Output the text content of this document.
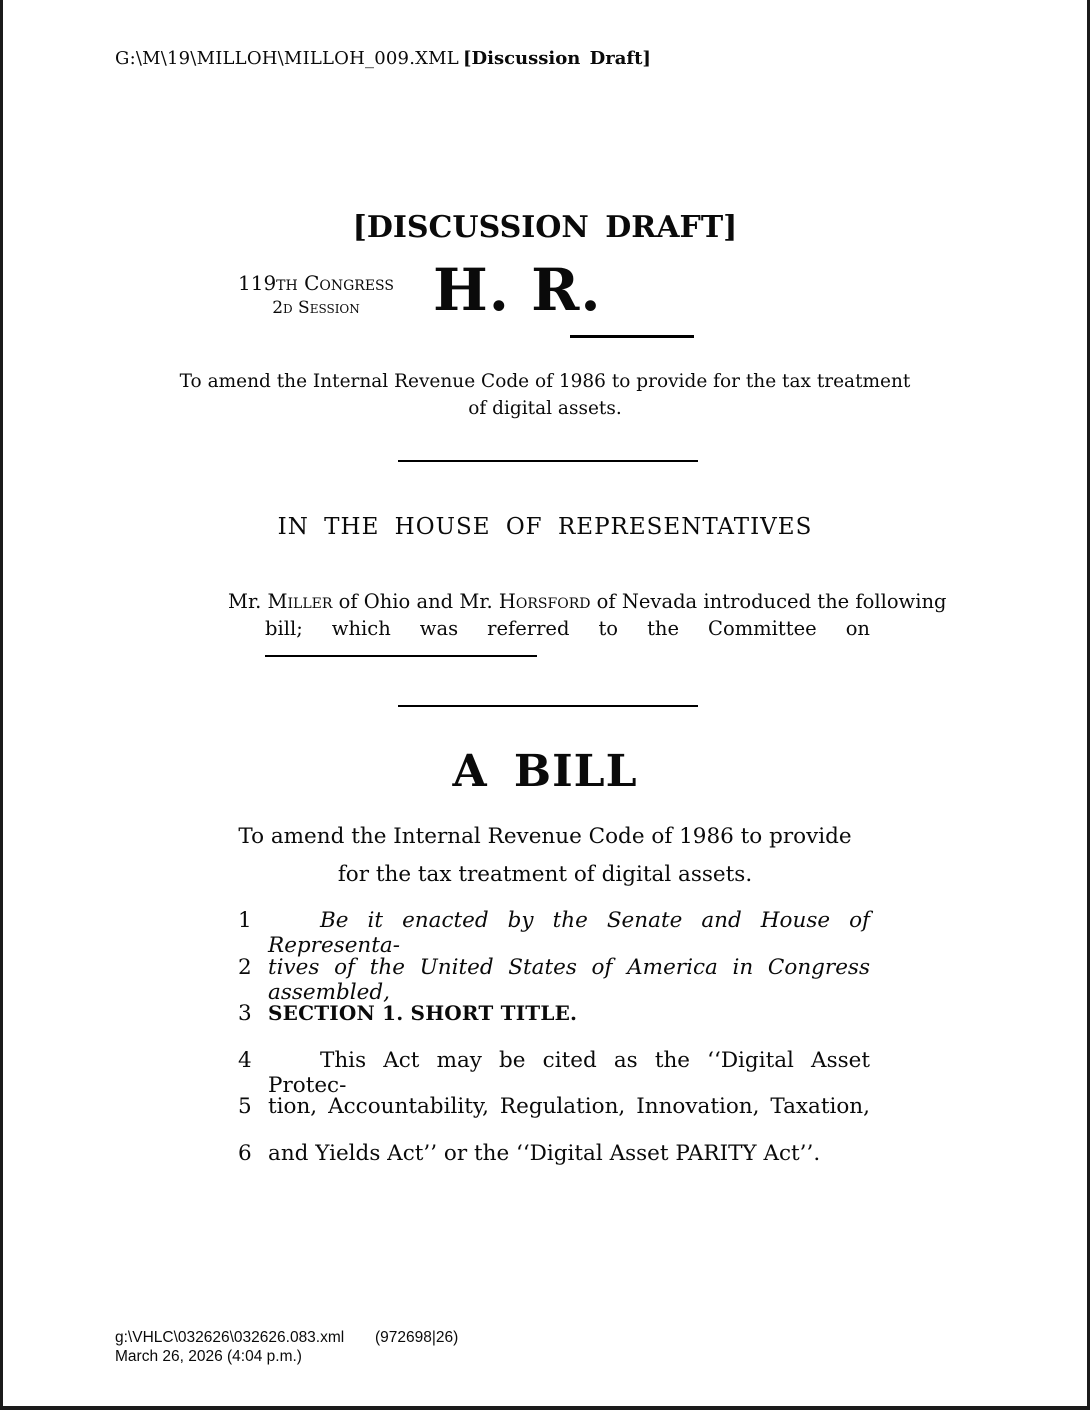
G:\M\19\MILLOH\MILLOH_009.XML [Discussion Draft]
[DISCUSSION DRAFT]
119th Congress
2d Session	H. R.
To amend the Internal Revenue Code of 1986 to provide for the tax treatment
of digital assets.
IN THE HOUSE OF REPRESENTATIVES
Mr. Miller of Ohio and Mr. Horsford of Nevada introduced the following
bill; which was referred to the Committee on
A BILL
To amend the Internal Revenue Code of 1986 to provide
for the tax treatment of digital assets.
1	Be it enacted by the Senate and House of Representa-
2 tives of the United States of America in Congress assembled,
3 SECTION 1. SHORT TITLE.
4	This Act may be cited as the ‘‘Digital Asset Protec-
5 tion, Accountability, Regulation, Innovation, Taxation,
6 and Yields Act’’ or the ‘‘Digital Asset PARITY Act’’.
g:\VHLC\032626\032626.083.xml (972698|26)
March 26, 2026 (4:04 p.m.)
